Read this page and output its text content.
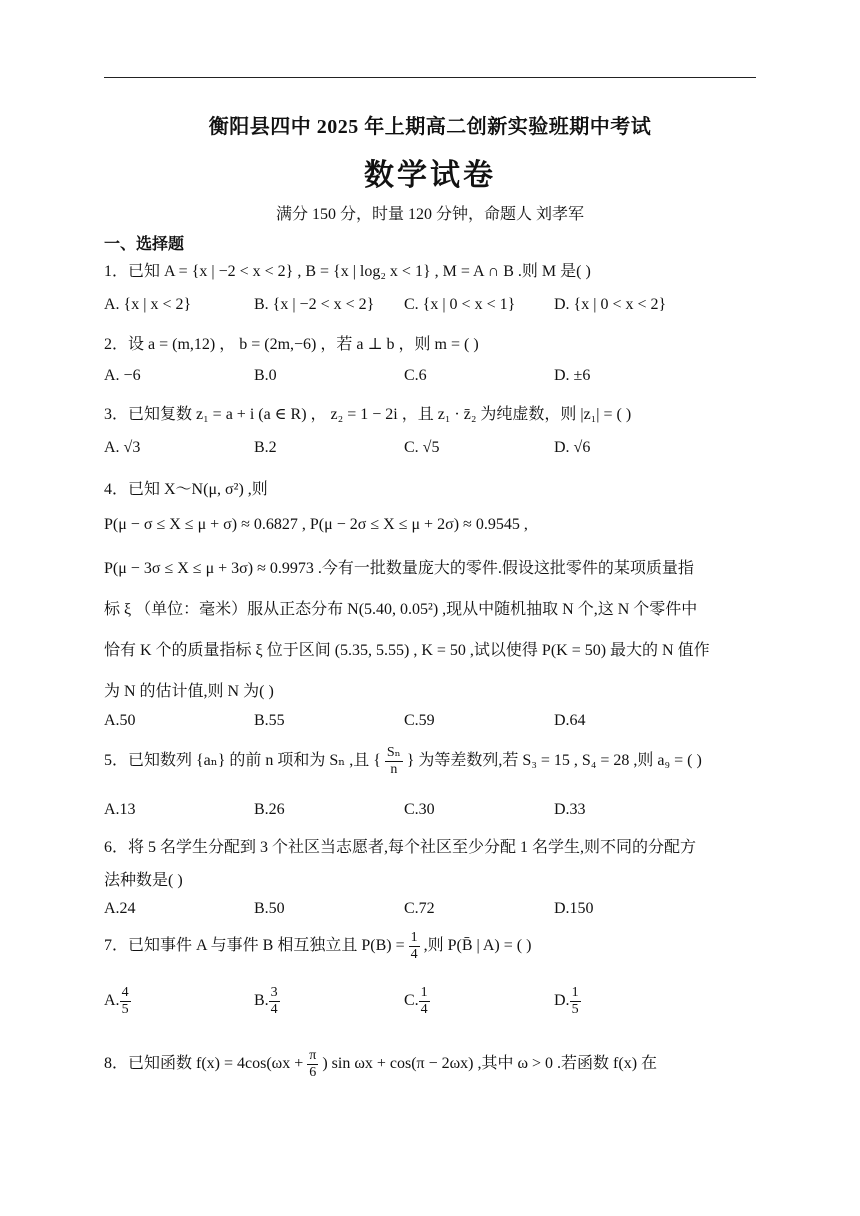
衡阳县四中 2025 年上期高二创新实验班期中考试
数学试卷
满分 150 分，时量 120 分钟，命题人 刘孝军
一、选择题
1．已知 A = {x | −2 < x < 2} , B = {x | log₂ x < 1} , M = A ∩ B .则 M 是( )
A. {x | x < 2}	B. {x | −2 < x < 2} C. {x | 0 < x < 1} D. {x | 0 < x < 2}
2．设 a = (m,12) ， b = (2m,−6) ，若 a ⊥ b ，则 m = ( )
A. −6	B.0	C.6	D. ±6
3．已知复数 z₁ = a + i (a ∈ R) ， z₂ = 1 − 2i ，且 z₁ · z̄₂ 为纯虚数，则 |z₁| = ( )
A. √3	B.2	C. √5	D. √6
4．已知 X～N(μ, σ²) ,则
P(μ − σ ≤ X ≤ μ + σ) ≈ 0.6827 , P(μ − 2σ ≤ X ≤ μ + 2σ) ≈ 0.9545 ,
P(μ − 3σ ≤ X ≤ μ + 3σ) ≈ 0.9973 .今有一批数量庞大的零件.假设这批零件的某项质量指
标 ξ （单位：毫米）服从正态分布 N(5.40, 0.05²) ,现从中随机抽取 N 个,这 N 个零件中
恰有 K 个的质量指标 ξ 位于区间 (5.35, 5.55) , K = 50 ,试以使得 P(K = 50) 最大的 N 值作
为 N 的估计值,则 N 为( )
A.50	B.55	C.59	D.64
5．已知数列 {aₙ} 的前 n 项和为 Sₙ ,且 { $\frac{\text{Sₙ}}{n}$ } 为等差数列,若 S₃ = 15 , S₄ = 28 ,则 a₉ = ( )
A.13	B.26	C.30	D.33
6．将 5 名学生分配到 3 个社区当志愿者,每个社区至少分配 1 名学生,则不同的分配方
法种数是( )
A.24	B.50	C.72	D.150
7．已知事件 A 与事件 B 相互独立且 $P(B) = \frac{1}{4}$ ,则 P(B̄ | A) = ( )
A. $\frac{4}{5}$	B. $\frac{3}{4}$	C. $\frac{1}{4}$	D. $\frac{1}{5}$
8．已知函数 $f(x) = 4\cos(\omega x + \frac{\pi}{6}$ ) sin ωx + cos(π − 2ωx) ,其中 ω > 0 .若函数 f(x) 在
